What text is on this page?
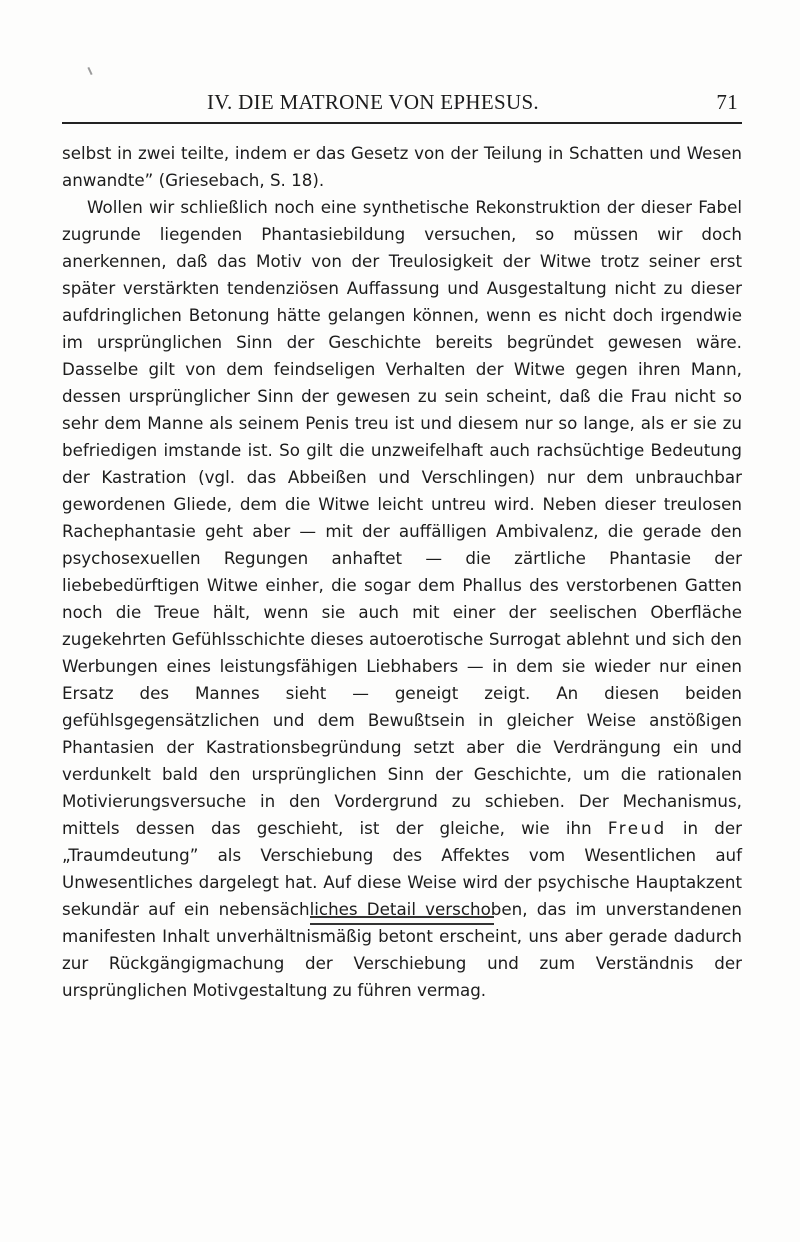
IV. DIE MATRONE VON EPHESUS.	71

selbst in zwei teilte, indem er das Gesetz von der Teilung in Schatten und Wesen anwandte” (Griesebach, S. 18).

Wollen wir schließlich noch eine synthetische Rekonstruktion der dieser Fabel zugrunde liegenden Phantasiebildung versuchen, so müssen wir doch anerkennen, daß das Motiv von der Treulosigkeit der Witwe trotz seiner erst später verstärkten tendenziösen Auffassung und Ausgestaltung nicht zu dieser aufdringlichen Betonung hätte gelangen können, wenn es nicht doch irgendwie im ursprünglichen Sinn der Geschichte bereits begründet gewesen wäre. Dasselbe gilt von dem feindseligen Verhalten der Witwe gegen ihren Mann, dessen ursprünglicher Sinn der gewesen zu sein scheint, daß die Frau nicht so sehr dem Manne als seinem Penis treu ist und diesem nur so lange, als er sie zu befriedigen imstande ist. So gilt die unzweifelhaft auch rachsüchtige Bedeutung der Kastration (vgl. das Abbeißen und Verschlingen) nur dem unbrauchbar gewordenen Gliede, dem die Witwe leicht untreu wird. Neben dieser treulosen Rachephantasie geht aber — mit der auffälligen Ambivalenz, die gerade den psychosexuellen Regungen anhaftet — die zärtliche Phantasie der liebebedürftigen Witwe einher, die sogar dem Phallus des verstorbenen Gatten noch die Treue hält, wenn sie auch mit einer der seelischen Oberfläche zugekehrten Gefühlsschichte dieses autoerotische Surrogat ablehnt und sich den Werbungen eines leistungsfähigen Liebhabers — in dem sie wieder nur einen Ersatz des Mannes sieht — geneigt zeigt. An diesen beiden gefühlsgegensätzlichen und dem Bewußtsein in gleicher Weise anstößigen Phantasien der Kastrationsbegründung setzt aber die Verdrängung ein und verdunkelt bald den ursprünglichen Sinn der Geschichte, um die rationalen Motivierungsversuche in den Vordergrund zu schieben. Der Mechanismus, mittels dessen das geschieht, ist der gleiche, wie ihn Freud in der „Traumdeutung” als Verschiebung des Affektes vom Wesentlichen auf Unwesentliches dargelegt hat. Auf diese Weise wird der psychische Hauptakzent sekundär auf ein nebensächliches Detail verschoben, das im unverstandenen manifesten Inhalt unverhältnismäßig betont erscheint, uns aber gerade dadurch zur Rückgängigmachung der Verschiebung und zum Verständnis der ursprünglichen Motivgestaltung zu führen vermag.
